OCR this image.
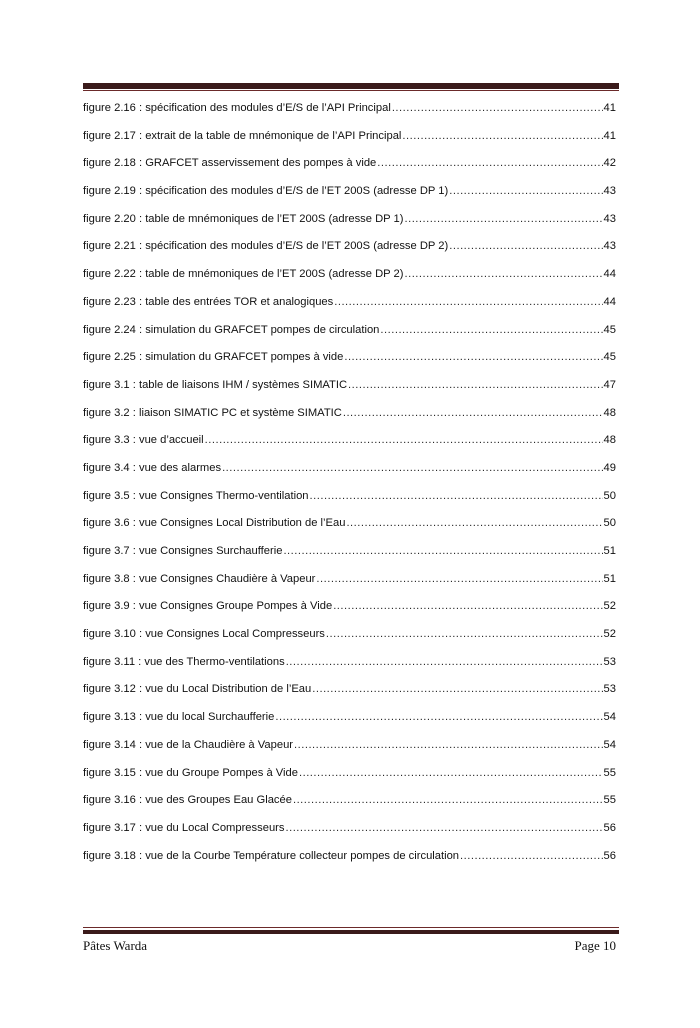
figure 2.16 : spécification des modules d’E/S de l’API Principal .....	41
figure 2.17 : extrait de la table de mnémonique de l’API Principal .....	41
figure 2.18 : GRAFCET asservissement des pompes à vide .....	42
figure 2.19 : spécification des modules d’E/S de l’ET 200S (adresse DP 1) .....	43
figure 2.20 : table de mnémoniques de l’ET 200S (adresse DP 1) .....	43
figure 2.21 : spécification des modules d’E/S de l’ET 200S (adresse DP 2) .....	43
figure 2.22 : table de mnémoniques de l’ET 200S (adresse DP 2) .....	44
figure 2.23 : table des entrées TOR et analogiques .....	44
figure 2.24 : simulation du GRAFCET pompes de circulation .....	45
figure 2.25 : simulation du GRAFCET pompes à vide .....	45
figure 3.1 : table de liaisons IHM / systèmes SIMATIC .....	47
figure 3.2 : liaison SIMATIC PC et système SIMATIC .....	48
figure 3.3 : vue d’accueil .....	48
figure 3.4 : vue des alarmes .....	49
figure 3.5 : vue Consignes Thermo-ventilation .....	50
figure 3.6 : vue Consignes Local Distribution de l’Eau .....	50
figure 3.7 : vue Consignes Surchaufferie .....	51
figure 3.8 : vue Consignes Chaudière à Vapeur .....	51
figure 3.9 : vue Consignes Groupe Pompes à Vide .....	52
figure 3.10 : vue Consignes Local Compresseurs .....	52
figure 3.11 : vue des Thermo-ventilations .....	53
figure 3.12 : vue du Local Distribution de l’Eau .....	53
figure 3.13 : vue du local Surchaufferie .....	54
figure 3.14 : vue de la Chaudière à Vapeur .....	54
figure 3.15 : vue du Groupe Pompes à Vide .....	55
figure 3.16 : vue des Groupes Eau Glacée .....	55
figure 3.17 : vue du Local Compresseurs .....	56
figure 3.18 : vue de la Courbe Température collecteur pompes de circulation .....	56
Pâtes Warda	Page 10
